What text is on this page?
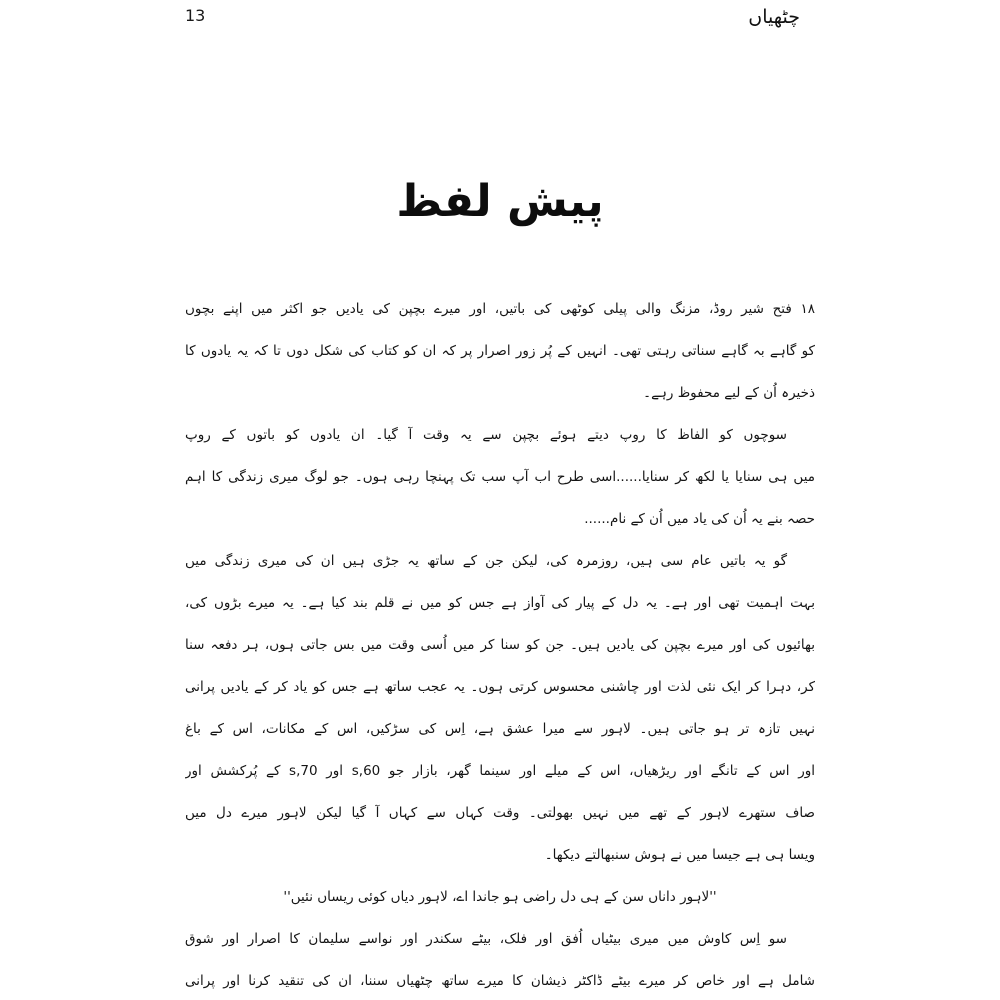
13	چٹھیاں
پیش لفظ
۱۸ فتح شیر روڈ، مزنگ والی پیلی کوٹھی کی باتیں، اور میرے بچپن کی یادیں جو اکثر میں اپنے بچوں
کو گاہے بہ گاہے سناتی رہتی تھی۔ انہیں کے پُر زور اصرار پر کہ ان کو کتاب کی شکل دوں تا کہ یہ یادوں کا
ذخیرہ اُن کے لیے محفوظ رہے۔
سوچوں کو الفاظ کا روپ دیتے ہوئے بچپن سے یہ وقت آ گیا۔ ان یادوں کو باتوں کے روپ
میں ہی سنایا یا لکھ کر سنایا......اسی طرح اب آپ سب تک پہنچا رہی ہوں۔ جو لوگ میری زندگی کا اہم
حصہ بنے یہ اُن کی یاد میں اُن کے نام......
گو یہ باتیں عام سی ہیں، روزمرہ کی، لیکن جن کے ساتھ یہ جڑی ہیں ان کی میری زندگی میں
بہت اہمیت تھی اور ہے۔ یہ دل کے پیار کی آواز ہے جس کو میں نے قلم بند کیا ہے۔ یہ میرے بڑوں کی،
بھائیوں کی اور میرے بچپن کی یادیں ہیں۔ جن کو سنا کر میں اُسی وقت میں بس جاتی ہوں، ہر دفعہ سنا
کر، دہرا کر ایک نئی لذت اور چاشنی محسوس کرتی ہوں۔ یہ عجب ساتھ ہے جس کو یاد کر کے یادیں پرانی
نہیں تازہ تر ہو جاتی ہیں۔ لاہور سے میرا عشق ہے، اِس کی سڑکیں، اس کے مکانات، اس کے باغ
اور اس کے تانگے اور ریڑھیاں، اس کے میلے اور سینما گھر، بازار جو 60,s اور 70,s کے پُرکشش اور
صاف ستھرے لاہور کے تھے میں نہیں بھولتی۔ وقت کہاں سے کہاں آ گیا لیکن لاہور میرے دل میں
ویسا ہی ہے جیسا میں نے ہوش سنبھالتے دیکھا۔
''لاہور داناں سن کے ہی دل راضی ہو جاندا اے، لاہور دیاں کوئی ریساں نئیں''
سو اِس کاوش میں میری بیٹیاں اُفق اور فلک، بیٹے سکندر اور نواسے سلیمان کا اصرار اور شوق
شامل ہے اور خاص کر میرے بیٹے ڈاکٹر ذیشان کا میرے ساتھ چٹھیاں سننا، ان کی تنقید کرنا اور پرانی
